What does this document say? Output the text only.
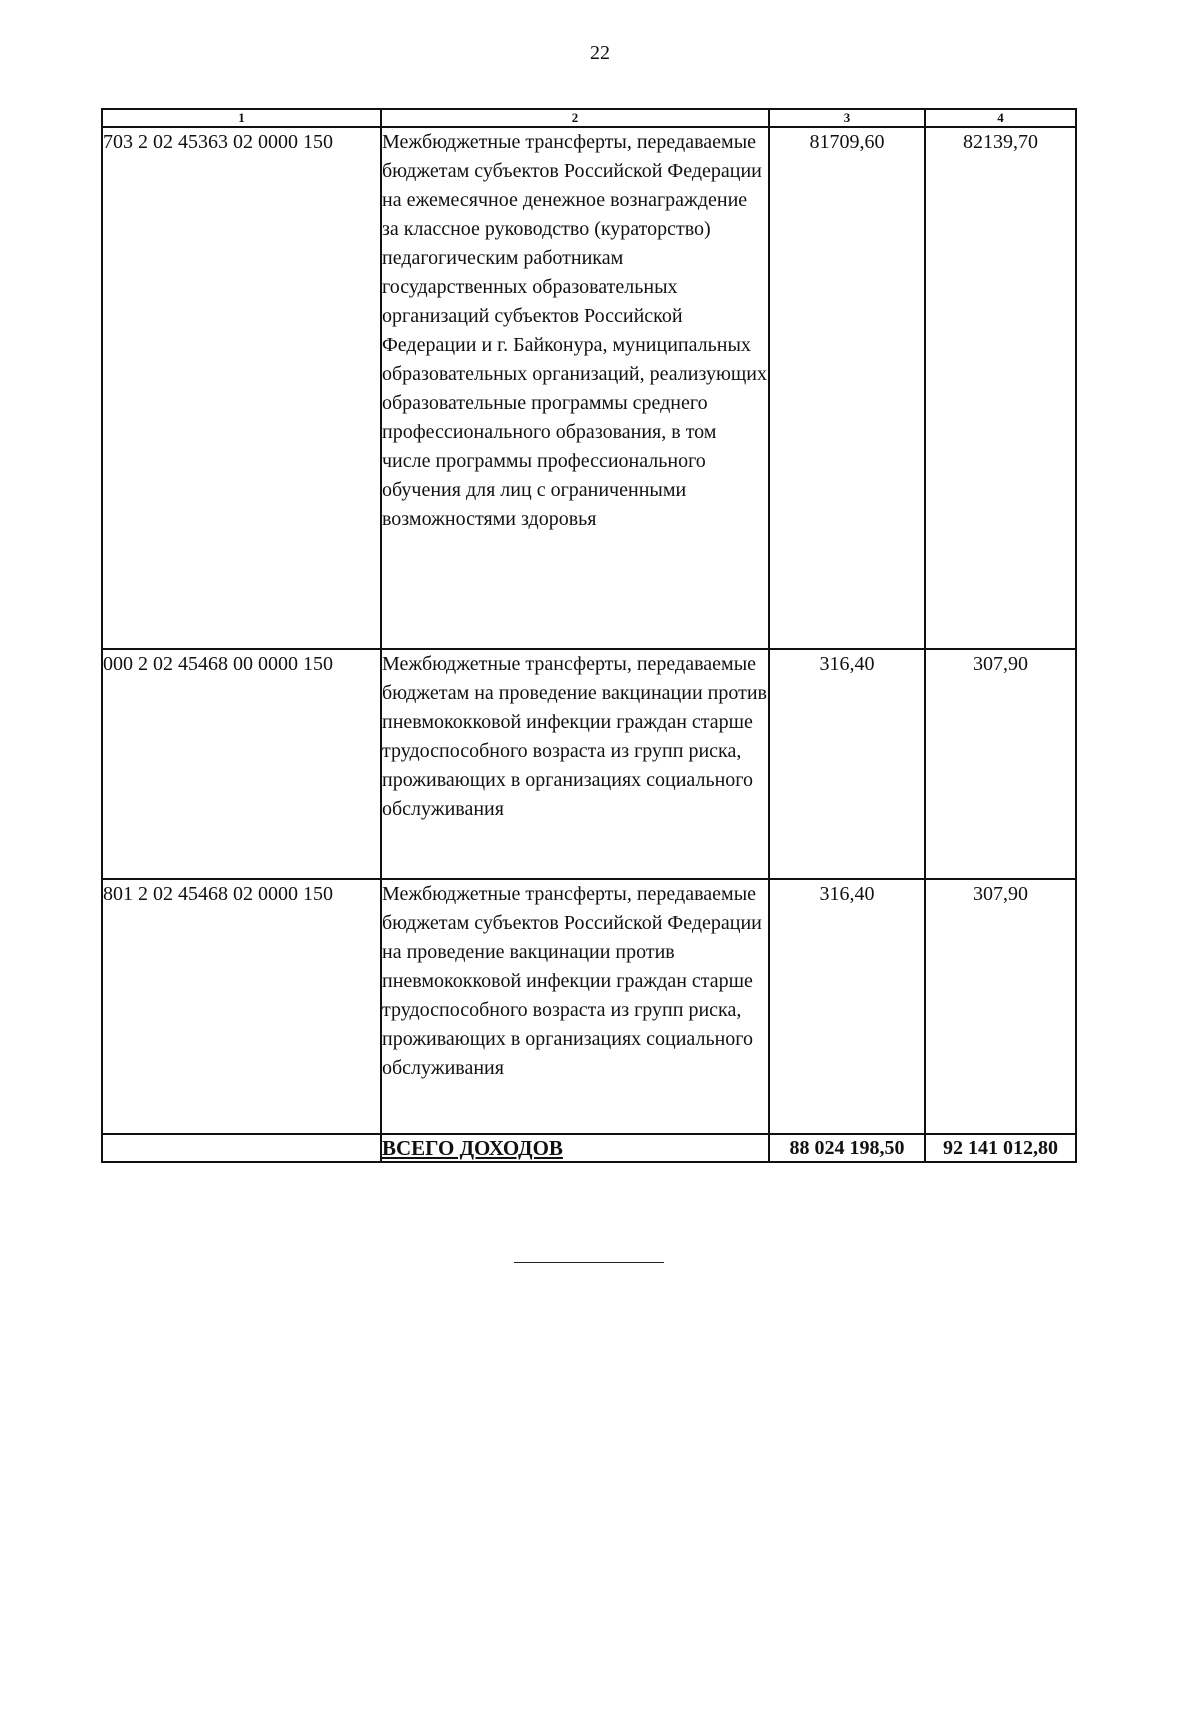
22
1	2	3	4
703 2 02 45363 02 0000 150	Межбюджетные трансферты, передаваемые бюджетам субъектов Российской Федерации на ежемесячное денежное вознаграждение за классное руководство (кураторство) педагогическим работникам государственных образовательных организаций субъектов Российской Федерации и г. Байконура, муниципальных образовательных организаций, реализующих образовательные программы среднего профессионального образования, в том числе программы профессионального обучения для лиц с ограниченными возможностями здоровья	81709,60	82139,70
000 2 02 45468 00 0000 150	Межбюджетные трансферты, передаваемые бюджетам на проведение вакцинации против пневмококковой инфекции граждан старше трудоспособного возраста из групп риска, проживающих в организациях социального обслуживания	316,40	307,90
801 2 02 45468 02 0000 150	Межбюджетные трансферты, передаваемые бюджетам субъектов Российской Федерации на проведение вакцинации против пневмококковой инфекции граждан старше трудоспособного возраста из групп риска, проживающих в организациях социального обслуживания	316,40	307,90
	ВСЕГО ДОХОДОВ	88 024 198,50	92 141 012,80
